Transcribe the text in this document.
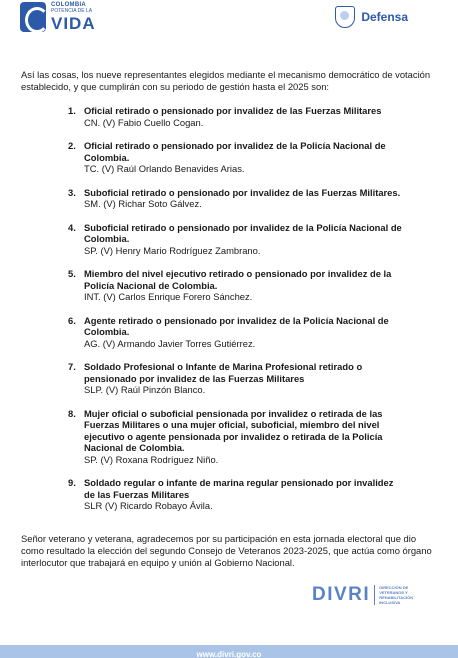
COLOMBIA
POTENCIA DE LA
VIDA	Defensa

Así las cosas, los nueve representantes elegidos mediante el mecanismo democrático de votación establecido, y que cumplirán con su periodo de gestión hasta el 2025 son:

1. Oficial retirado o pensionado por invalidez de las Fuerzas Militares
CN. (V) Fabio Cuello Cogan.
2. Oficial retirado o pensionado por invalidez de la Policía Nacional de Colombia.
TC. (V) Raúl Orlando Benavides Arias.
3. Suboficial retirado o pensionado por invalidez de las Fuerzas Militares.
SM. (V) Richar Soto Gálvez.
4. Suboficial retirado o pensionado por invalidez de la Policía Nacional de Colombia.
SP. (V) Henry Mario Rodríguez Zambrano.
5. Miembro del nivel ejecutivo retirado o pensionado por invalidez de la Policía Nacional de Colombia.
INT. (V) Carlos Enrique Forero Sánchez.
6. Agente retirado o pensionado por invalidez de la Policía Nacional de Colombia.
AG. (V) Armando Javier Torres Gutiérrez.
7. Soldado Profesional o Infante de Marina Profesional retirado o pensionado por invalidez de las Fuerzas Militares
SLP. (V) Raúl Pinzón Blanco.
8. Mujer oficial o suboficial pensionada por invalidez o retirada de las Fuerzas Militares o una mujer oficial, suboficial, miembro del nivel ejecutivo o agente pensionada por invalidez o retirada de la Policía Nacional de Colombia.
SP. (V) Roxana Rodríguez Niño.
9. Soldado regular o infante de marina regular pensionado por invalidez de las Fuerzas Militares
SLR (V) Ricardo Robayo Ávila.

Señor veterano y veterana, agradecemos por su participación en esta jornada electoral que dio como resultado la elección del segundo Consejo de Veteranos 2023-2025, que actúa como órgano interlocutor que trabajará en equipo y unión al Gobierno Nacional.

DIVRI DIRECCIÓN DE
VETERANOS Y
REHABILITACIÓN
INCLUSIVA
www.divri.gov.co
